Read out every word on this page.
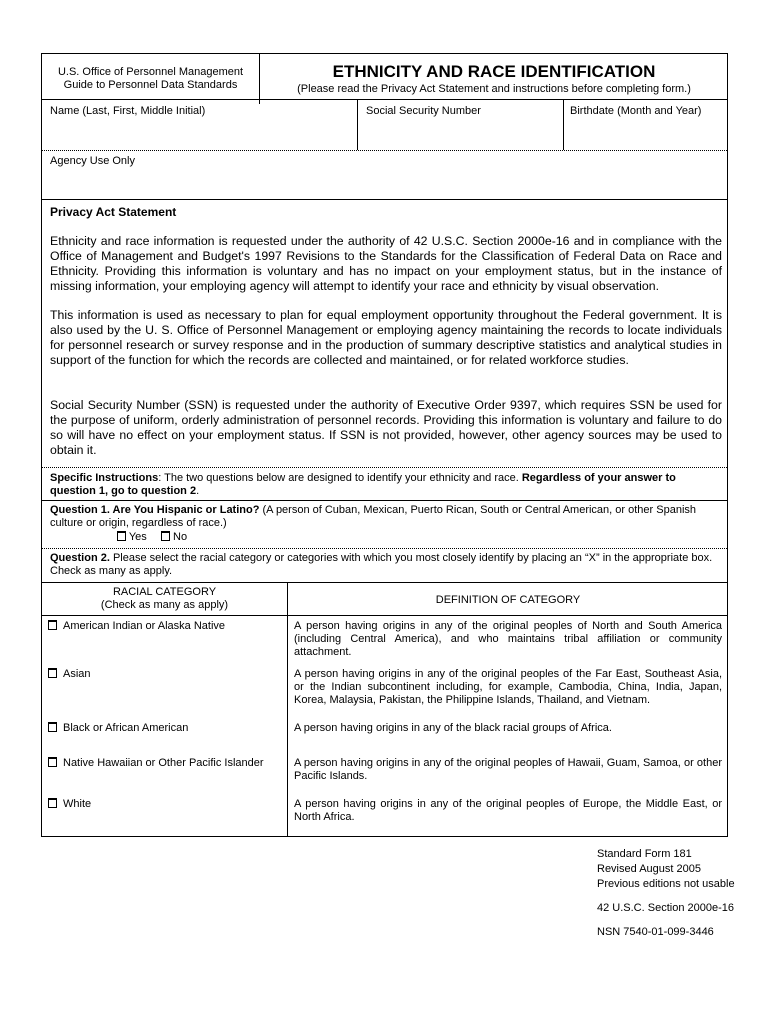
U.S. Office of Personnel Management
Guide to Personnel Data Standards
ETHNICITY AND RACE IDENTIFICATION
(Please read the Privacy Act Statement and instructions before completing form.)
Name (Last, First, Middle Initial)	Social Security Number	Birthdate (Month and Year)
Agency Use Only
Privacy Act Statement
Ethnicity and race information is requested under the authority of 42 U.S.C. Section 2000e-16 and in compliance with the Office of Management and Budget's 1997 Revisions to the Standards for the Classification of Federal Data on Race and Ethnicity. Providing this information is voluntary and has no impact on your employment status, but in the instance of missing information, your employing agency will attempt to identify your race and ethnicity by visual observation.
This information is used as necessary to plan for equal employment opportunity throughout the Federal government. It is also used by the U. S. Office of Personnel Management or employing agency maintaining the records to locate individuals for personnel research or survey response and in the production of summary descriptive statistics and analytical studies in support of the function for which the records are collected and maintained, or for related workforce studies.
Social Security Number (SSN) is requested under the authority of Executive Order 9397, which requires SSN be used for the purpose of uniform, orderly administration of personnel records. Providing this information is voluntary and failure to do so will have no effect on your employment status. If SSN is not provided, however, other agency sources may be used to obtain it.
Specific Instructions: The two questions below are designed to identify your ethnicity and race. Regardless of your answer to question 1, go to question 2.
Question 1. Are You Hispanic or Latino? (A person of Cuban, Mexican, Puerto Rican, South or Central American, or other Spanish culture or origin, regardless of race.)
Yes No
Question 2. Please select the racial category or categories with which you most closely identify by placing an “X” in the appropriate box. Check as many as apply.
RACIAL CATEGORY
(Check as many as apply)	DEFINITION OF CATEGORY
American Indian or Alaska Native	A person having origins in any of the original peoples of North and South America (including Central America), and who maintains tribal affiliation or community attachment.
Asian	A person having origins in any of the original peoples of the Far East, Southeast Asia, or the Indian subcontinent including, for example, Cambodia, China, India, Japan, Korea, Malaysia, Pakistan, the Philippine Islands, Thailand, and Vietnam.
Black or African American	A person having origins in any of the black racial groups of Africa.
Native Hawaiian or Other Pacific Islander	A person having origins in any of the original peoples of Hawaii, Guam, Samoa, or other Pacific Islands.
White	A person having origins in any of the original peoples of Europe, the Middle East, or North Africa.

Standard Form 181

Revised August 2005

Previous editions not usable

42 U.S.C. Section 2000e-16

NSN 7540-01-099-3446
